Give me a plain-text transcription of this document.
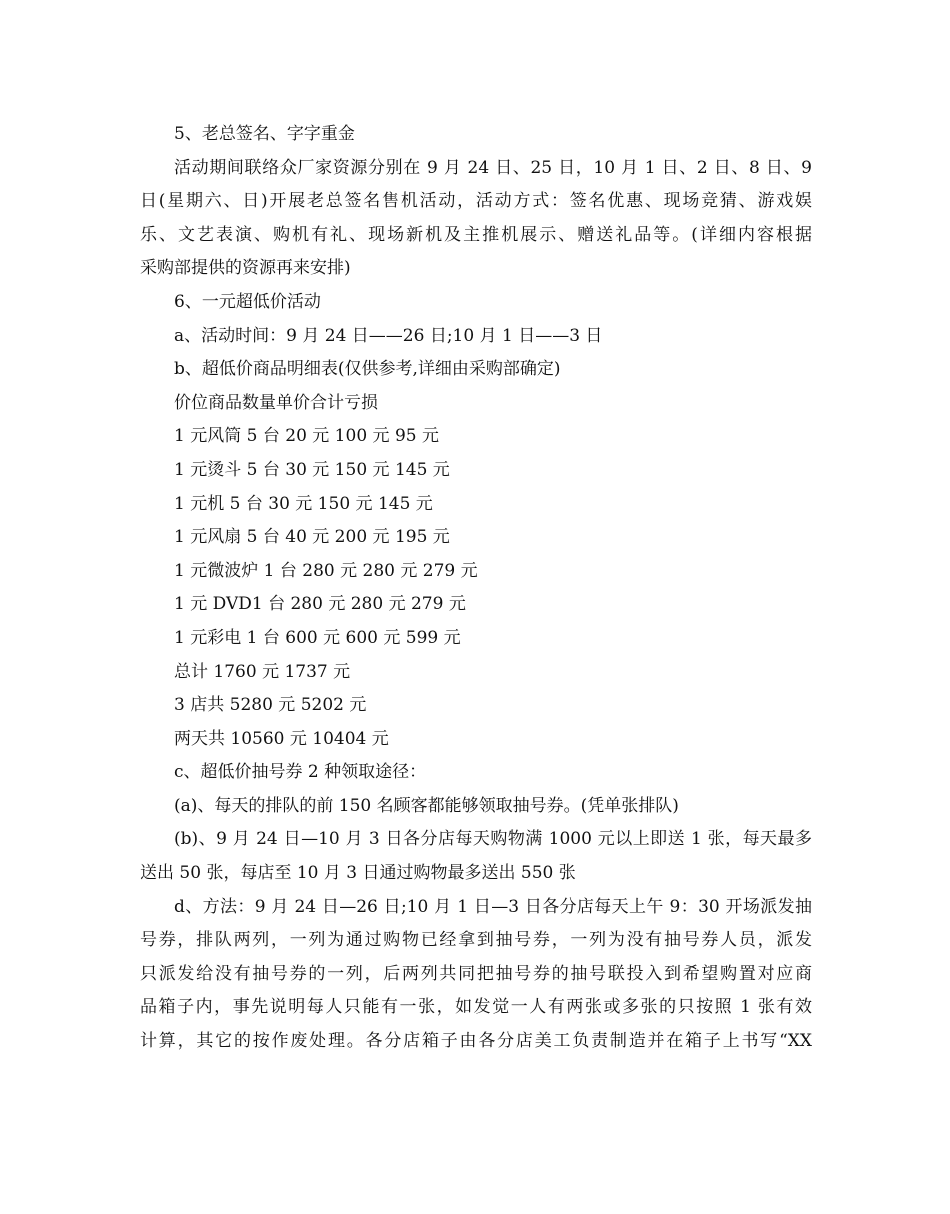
5、老总签名、字字重金
活动期间联络众厂家资源分别在 9 月 24 日、25 日，10 月 1 日、2 日、8 日、9
日(星期六、日)开展老总签名售机活动，活动方式：签名优惠、现场竞猜、游戏娱
乐、文艺表演、购机有礼、现场新机及主推机展示、赠送礼品等。(详细内容根据
采购部提供的资源再来安排)
6、一元超低价活动
a、活动时间：9 月 24 日——26 日;10 月 1 日——3 日
b、超低价商品明细表(仅供参考,详细由采购部确定)
价位商品数量单价合计亏损
1 元风筒 5 台 20 元 100 元 95 元
1 元烫斗 5 台 30 元 150 元 145 元
1 元机 5 台 30 元 150 元 145 元
1 元风扇 5 台 40 元 200 元 195 元
1 元微波炉 1 台 280 元 280 元 279 元
1 元 DVD1 台 280 元 280 元 279 元
1 元彩电 1 台 600 元 600 元 599 元
总计 1760 元 1737 元
3 店共 5280 元 5202 元
两天共 10560 元 10404 元
c、超低价抽号券 2 种领取途径：
(a)、每天的排队的前 150 名顾客都能够领取抽号券。(凭单张排队)
(b)、9 月 24 日—10 月 3 日各分店每天购物满 1000 元以上即送 1 张，每天最多
送出 50 张，每店至 10 月 3 日通过购物最多送出 550 张
d、方法：9 月 24 日—26 日;10 月 1 日—3 日各分店每天上午 9：30 开场派发抽
号券，排队两列，一列为通过购物已经拿到抽号券，一列为没有抽号券人员，派发
只派发给没有抽号券的一列，后两列共同把抽号券的抽号联投入到希望购置对应商
品箱子内，事先说明每人只能有一张，如发觉一人有两张或多张的只按照 1 张有效
计算，其它的按作废处理。各分店箱子由各分店美工负责制造并在箱子上书写“XX
